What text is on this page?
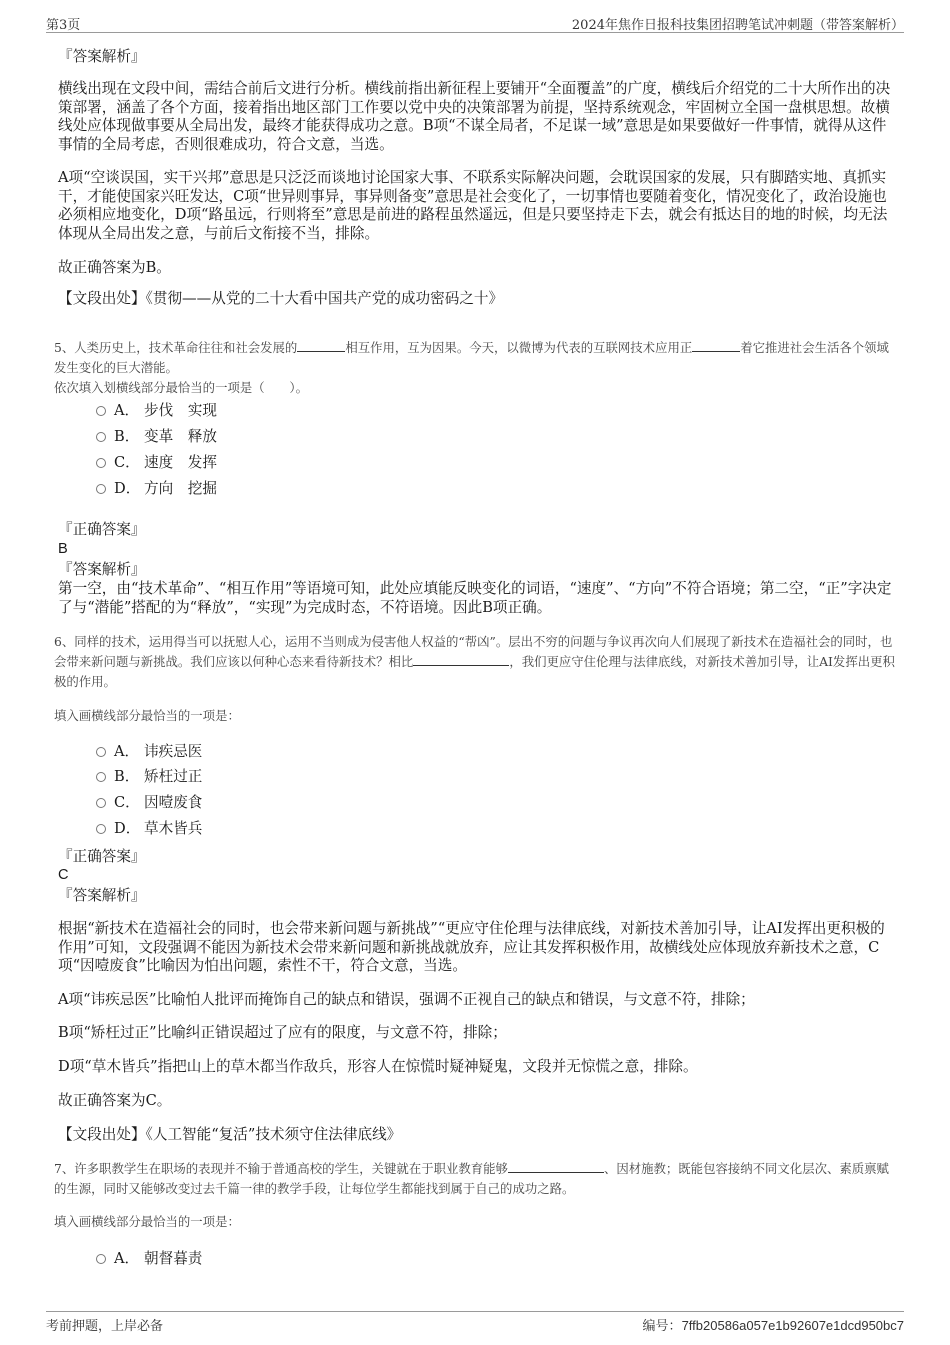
第3页	2024年焦作日报科技集团招聘笔试冲刺题（带答案解析）
『答案解析』
横线出现在文段中间，需结合前后文进行分析。横线前指出新征程上要铺开“全面覆盖”的广度，横线后介绍党的二十大所作出的决策部署，涵盖了各个方面，接着指出地区部门工作要以党中央的决策部署为前提，坚持系统观念，牢固树立全国一盘棋思想。故横线处应体现做事要从全局出发，最终才能获得成功之意。B项“不谋全局者，不足谋一域”意思是如果要做好一件事情，就得从这件事情的全局考虑，否则很难成功，符合文意，当选。
A项“空谈误国，实干兴邦”意思是只泛泛而谈地讨论国家大事、不联系实际解决问题，会耽误国家的发展，只有脚踏实地、真抓实干，才能使国家兴旺发达，C项“世异则事异，事异则备变”意思是社会变化了，一切事情也要随着变化，情况变化了，政治设施也必须相应地变化，D项“路虽远，行则将至”意思是前进的路程虽然遥远，但是只要坚持走下去，就会有抵达目的地的时候，均无法体现从全局出发之意，与前后文衔接不当，排除。
故正确答案为B。
【文段出处】《贯彻——从党的二十大看中国共产党的成功密码之十》
5、人类历史上，技术革命往往和社会发展的	相互作用，互为因果。今天，以微博为代表的互联网技术应用正	着它推进社会生活各个领域发生变化的巨大潜能。
依次填入划横线部分最恰当的一项是（　　）。
A． 步伐　实现
B． 变革　释放
C． 速度　发挥
D． 方向　挖掘
『正确答案』
B
『答案解析』
第一空，由“技术革命”、“相互作用”等语境可知，此处应填能反映变化的词语，“速度”、“方向”不符合语境；第二空，“正”字决定了与“潜能”搭配的为“释放”，“实现”为完成时态，不符语境。因此B项正确。
6、同样的技术，运用得当可以抚慰人心，运用不当则成为侵害他人权益的“帮凶”。层出不穷的问题与争议再次向人们展现了新技术在造福社会的同时，也会带来新问题与新挑战。我们应该以何种心态来看待新技术？相比	，我们更应守住伦理与法律底线，对新技术善加引导，让AI发挥出更积极的作用。
填入画横线部分最恰当的一项是：
A． 讳疾忌医
B． 矫枉过正
C． 因噎废食
D． 草木皆兵
『正确答案』
C
『答案解析』
根据“新技术在造福社会的同时，也会带来新问题与新挑战”“更应守住伦理与法律底线，对新技术善加引导，让AI发挥出更积极的作用”可知，文段强调不能因为新技术会带来新问题和新挑战就放弃，应让其发挥积极作用，故横线处应体现放弃新技术之意，C项“因噎废食”比喻因为怕出问题，索性不干，符合文意，当选。
A项“讳疾忌医”比喻怕人批评而掩饰自己的缺点和错误，强调不正视自己的缺点和错误，与文意不符，排除；
B项“矫枉过正”比喻纠正错误超过了应有的限度，与文意不符，排除；
D项“草木皆兵”指把山上的草木都当作敌兵，形容人在惊慌时疑神疑鬼，文段并无惊慌之意，排除。
故正确答案为C。
【文段出处】《人工智能“复活”技术须守住法律底线》
7、许多职教学生在职场的表现并不输于普通高校的学生，关键就在于职业教育能够	、因材施教；既能包容接纳不同文化层次、素质禀赋的生源，同时又能够改变过去千篇一律的教学手段，让每位学生都能找到属于自己的成功之路。
填入画横线部分最恰当的一项是：
A． 朝督暮责
考前押题，上岸必备	编号：7ffb20586a057e1b92607e1dcd950bc7
